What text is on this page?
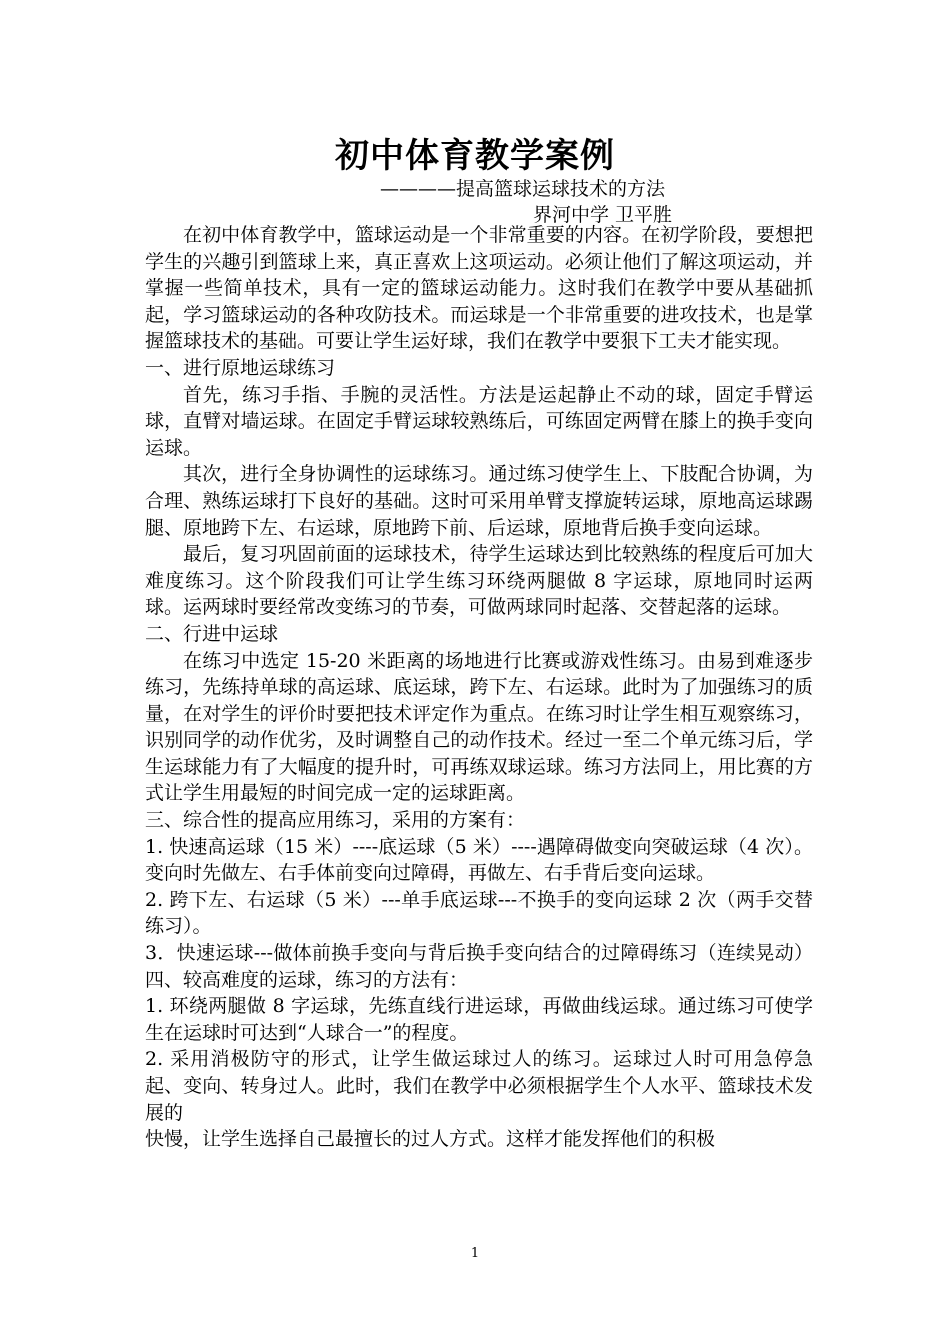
初中体育教学案例
————提高篮球运球技术的方法
界河中学 卫平胜

在初中体育教学中，篮球运动是一个非常重要的内容。在初学阶段，要想把学生的兴趣引到篮球上来，真正喜欢上这项运动。必须让他们了解这项运动，并掌握一些简单技术，具有一定的篮球运动能力。这时我们在教学中要从基础抓起，学习篮球运动的各种攻防技术。而运球是一个非常重要的进攻技术，也是掌握篮球技术的基础。可要让学生运好球，我们在教学中要狠下工夫才能实现。

一、进行原地运球练习

首先，练习手指、手腕的灵活性。方法是运起静止不动的球，固定手臂运球，直臂对墙运球。在固定手臂运球较熟练后，可练固定两臂在膝上的换手变向运球。

其次，进行全身协调性的运球练习。通过练习使学生上、下肢配合协调，为合理、熟练运球打下良好的基础。这时可采用单臂支撑旋转运球，原地高运球踢腿、原地跨下左、右运球，原地跨下前、后运球，原地背后换手变向运球。

最后，复习巩固前面的运球技术，待学生运球达到比较熟练的程度后可加大难度练习。这个阶段我们可让学生练习环绕两腿做 8 字运球，原地同时运两球。运两球时要经常改变练习的节奏，可做两球同时起落、交替起落的运球。

二、行进中运球

在练习中选定 15-20 米距离的场地进行比赛或游戏性练习。由易到难逐步练习，先练持单球的高运球、底运球，跨下左、右运球。此时为了加强练习的质量，在对学生的评价时要把技术评定作为重点。在练习时让学生相互观察练习，识别同学的动作优劣，及时调整自己的动作技术。经过一至二个单元练习后，学生运球能力有了大幅度的提升时，可再练双球运球。练习方法同上，用比赛的方式让学生用最短的时间完成一定的运球距离。

三、综合性的提高应用练习，采用的方案有：

1. 快速高运球（15 米）----底运球（5 米）----遇障碍做变向突破运球（4 次）。变向时先做左、右手体前变向过障碍，再做左、右手背后变向运球。

2. 跨下左、右运球（5 米）---单手底运球---不换手的变向运球 2 次（两手交替练习）。

3．快速运球---做体前换手变向与背后换手变向结合的过障碍练习（连续晃动）四、较高难度的运球，练习的方法有：

1. 环绕两腿做 8 字运球，先练直线行进运球，再做曲线运球。通过练习可使学生在运球时可达到“人球合一”的程度。

2. 采用消极防守的形式，让学生做运球过人的练习。运球过人时可用急停急起、变向、转身过人。此时，我们在教学中必须根据学生个人水平、篮球技术发展的

快慢，让学生选择自己最擅长的过人方式。这样才能发挥他们的积极

1
